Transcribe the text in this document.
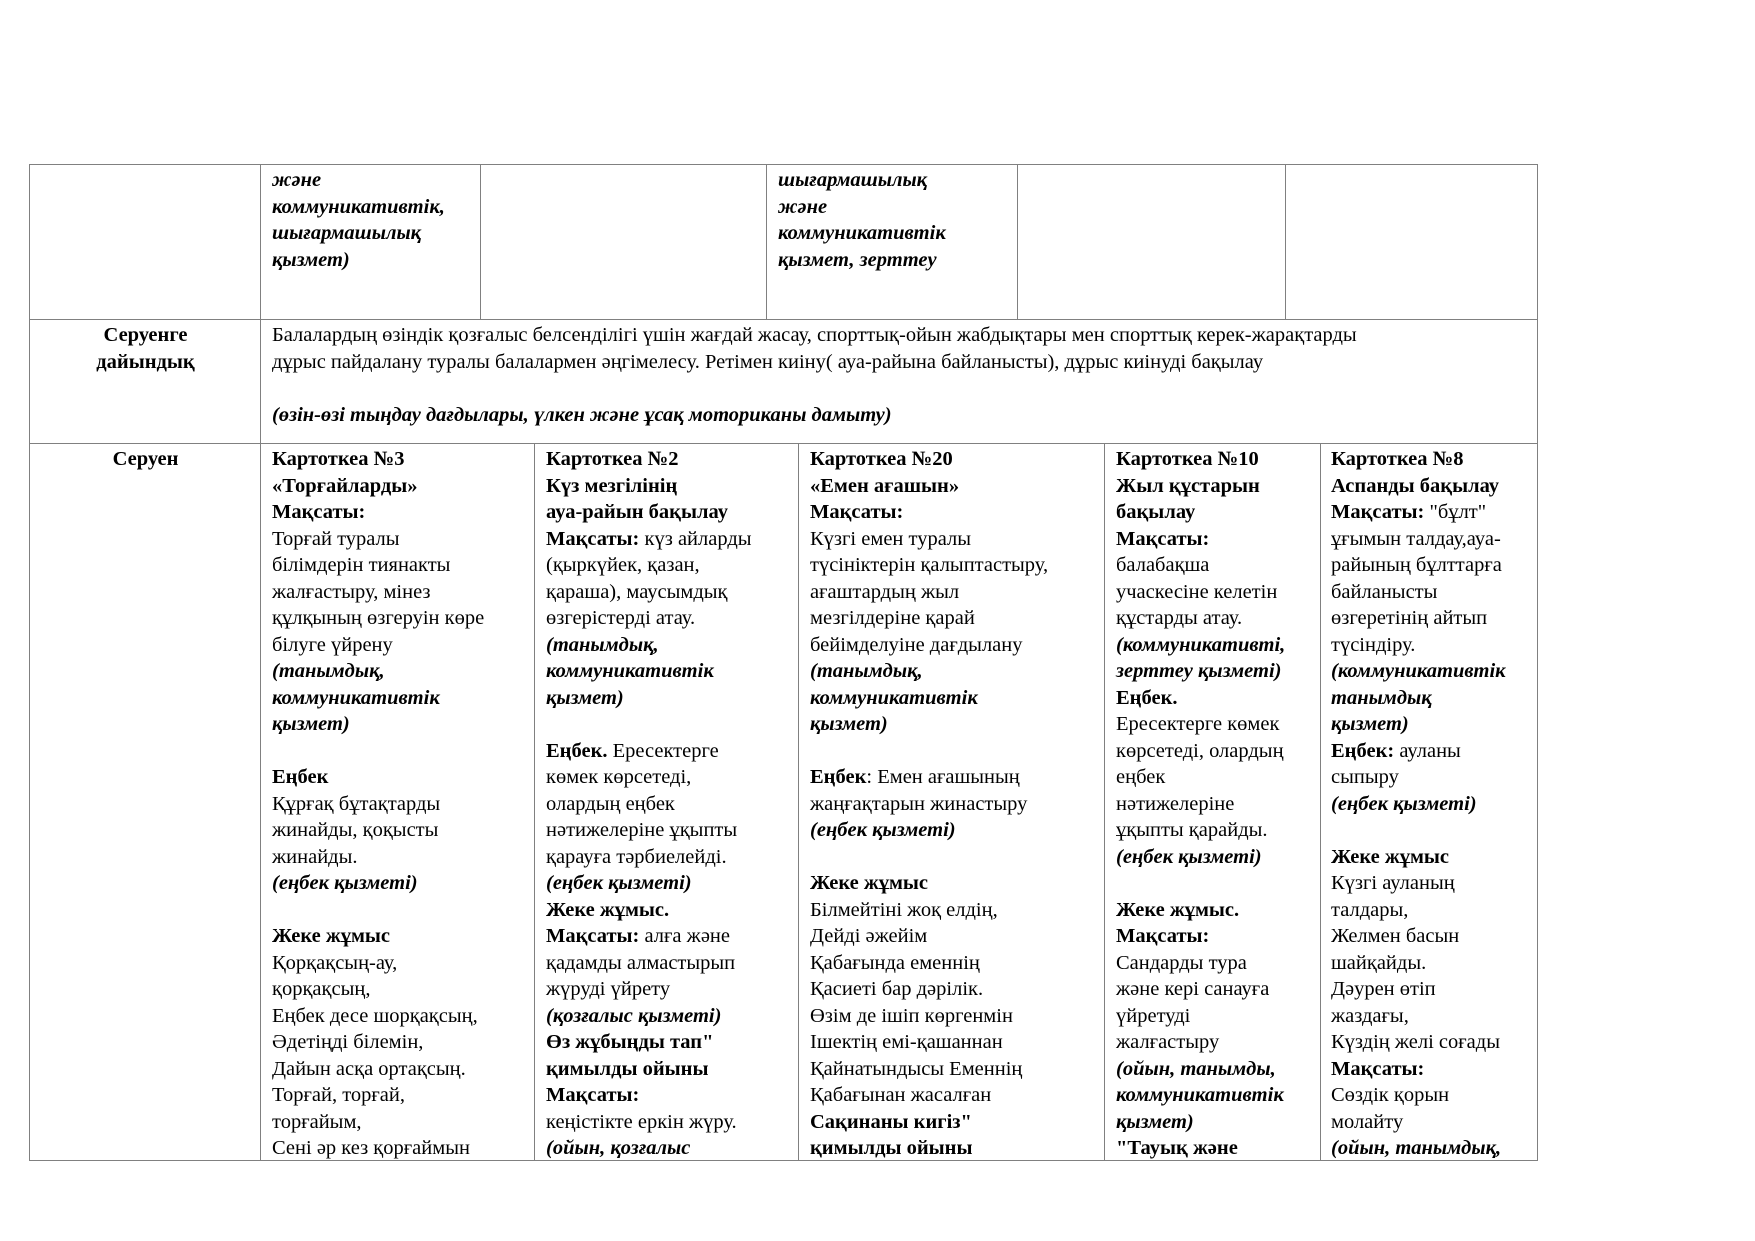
және
коммуникативтік,
шығармашылық
қызмет)
шығармашылық
және
коммуникативтік
қызмет, зерттеу
Серуенге
дайындық
Балалардың өзіндік қозғалыс белсенділігі үшін жағдай жасау, спорттық-ойын жабдықтары мен спорттық керек-жарақтарды
дұрыс пайдалану туралы балалармен әңгімелесу. Ретімен киіну( ауа-райына байланысты), дұрыс киінуді бақылау
(өзін-өзі тыңдау дағдылары, үлкен және ұсақ моториканы дамыту)
Серуен	Картоткеа №3
«Торғайларды»
Мақсаты:
Торғай туралы
білімдерін тиянакты
жалғастыру, мінез
құлқының өзгеруін көре
білуге үйрену
(танымдық,
коммуникативтік
қызмет)
Еңбек
Құрғақ бұтақтарды
жинайды, қоқысты
жинайды.
(еңбек қызметі)
Жеке жұмыс
Қорқақсың-ау,
қорқақсың,
Еңбек десе шорқақсың,
Әдетіңді білемін,
Дайын асқа ортақсың.
Торғай, торғай,
торғайым,
Сені әр кез қорғаймын
Картоткеа №2
Күз мезгілінің
ауа-райын бақылау
Мақсаты: күз айларды
(қыркүйек, қазан,
қараша), маусымдық
өзгерістерді атау.
(танымдық,
коммуникативтік
қызмет)
Еңбек. Ересектерге
көмек көрсетеді,
олардың еңбек
нәтижелеріне ұқыпты
қарауға тәрбиелейді.
(еңбек қызметі)
Жеке жұмыс.
Мақсаты: алға және
қадамды алмастырып
жүруді үйрету
(қозғалыс қызметі)
Өз жұбыңды тап"
қимылды ойыны
Мақсаты:
кеңістікте еркін жүру.
(ойын, қозғалыс
Картоткеа №20
«Емен ағашын»
Мақсаты:
Күзгі емен туралы
түсініктерін қалыптастыру,
ағаштардың жыл
мезгілдеріне қарай
бейімделуіне дағдылану
(танымдық,
коммуникативтік
қызмет)
Еңбек: Емен ағашының
жаңғақтарын жинастыру
(еңбек қызметі)
Жеке жұмыс
Білмейтіні жоқ елдің,
Дейді әжейім
Қабағында еменнің
Қасиеті бар дәрілік.
Өзім де ішіп көргенмін
Ішектің емі-қашаннан
Қайнатындысы Еменнің
Қабағынан жасалған
Сақинаны кигіз"
қимылды ойыны
Картоткеа №10
Жыл құстарын
бақылау
Мақсаты:
балабақша
учаскесіне келетін
құстарды атау.
(коммуникативті,
зерттеу қызметі)
Еңбек.
Ересектерге көмек
көрсетеді, олардың
еңбек
нәтижелеріне
ұқыпты қарайды.
(еңбек қызметі)
Жеке жұмыс.
Мақсаты:
Сандарды тура
және кері санауға
үйретуді
жалғастыру
(ойын, танымды,
коммуникативтік
қызмет)
"Тауық және
Картоткеа №8
Аспанды бақылау
Мақсаты: "бұлт"
ұғымын талдау,ауа-
райының бұлттарға
байланысты
өзгеретінің айтып
түсіндіру.
(коммуникативтік
танымдық
қызмет)
Еңбек: ауланы
сыпыру
(еңбек қызметі)
Жеке жұмыс
Күзгі ауланың
талдары,
Желмен басын
шайқайды.
Дәурен өтіп
жаздағы,
Күздің желі соғады
Мақсаты:
Сөздік қорын
молайту
(ойын, танымдық,
